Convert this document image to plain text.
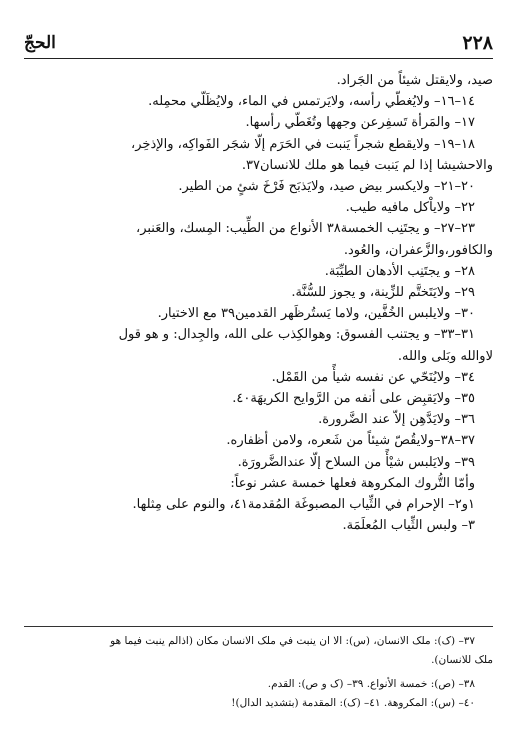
٢٢٨
الحجّ
صيد، ولايقتل شيئاً من الجَراد.
١٤–١٦– ولايُغطّي رأسه، ولايَرتمس في الماء، ولايُظَلّي محمِله.
١٧– والمَرأة تَسفِرعن وجهها وتُغَطّي رأسها.
١٨–١٩– ولايقطع شجراً يَنبت في الحَرَم إلّا شجَر الفَواكِه، والإذخِر،
والاحشيشا إذا لم يَنبت فيما هو ملك للانسان٣٧.
٢٠–٢١– ولايكسر بيض صيد، ولايَذبَح فَرْخَ شئٍ من الطير.
٢٢– ولاياْكل مافيه طيب.
٢٣–٢٧– و يجتَنِب الخمسة٣٨ الأنواع من الطِّيب: المِسك، والعَنبر،
والكافور،والزَّعفران، والعُود.
٢٨– و يجتَنِب الأدهان الطيِّبَة.
٢٩– ولايَتَختَّم للزِّينة، و يجوز للسُّنَّة.
٣٠– ولايلبس الخُفَّين، ولاما يَستُرظَهر القدمين٣٩ مع الاختيار.
٣١–٣٣– و يجتنب الفسوق: وهوالكِذب على الله، والجِدال: و هو قول
لاوالله وبَلى والله.
٣٤– ولايُنَحّي عن نفسه شيأً من القَمْل.
٣٥– ولايَقبِض على أنفه من الرَّوايح الكريهَة٤٠.
٣٦– ولايَدَّهِن إلاّ عند الضَّرورة.
٣٧–٣٨–ولايقُصّ شيئاً من شَعره، ولامن أظفاره.
٣٩– ولايَلبس شيْأً من السلاح إلّا عندالضَّرورَة.
وأمّا التُّروك المكروهة فعلها خمسة عشر نوعاً:
١و٢– الإحرام في الثِّياب المصبوغَة المُقدمة٤١، والنوم على مِثلها.
٣– ولبس الثِّياب المُعلَمَة.
٣٧– (ک): ملک الانسان، (س): الا ان ينبت في ملک الانسان مکان (اذالم ينبت فيما هو
ملک للانسان).
٣٨– (ص): خمسة الأنواع. ٣٩– (ک و ص): القدم.
٤٠– (س): المکروهة. ٤١– (ک): المقدمة (بتشديد الدال)!
